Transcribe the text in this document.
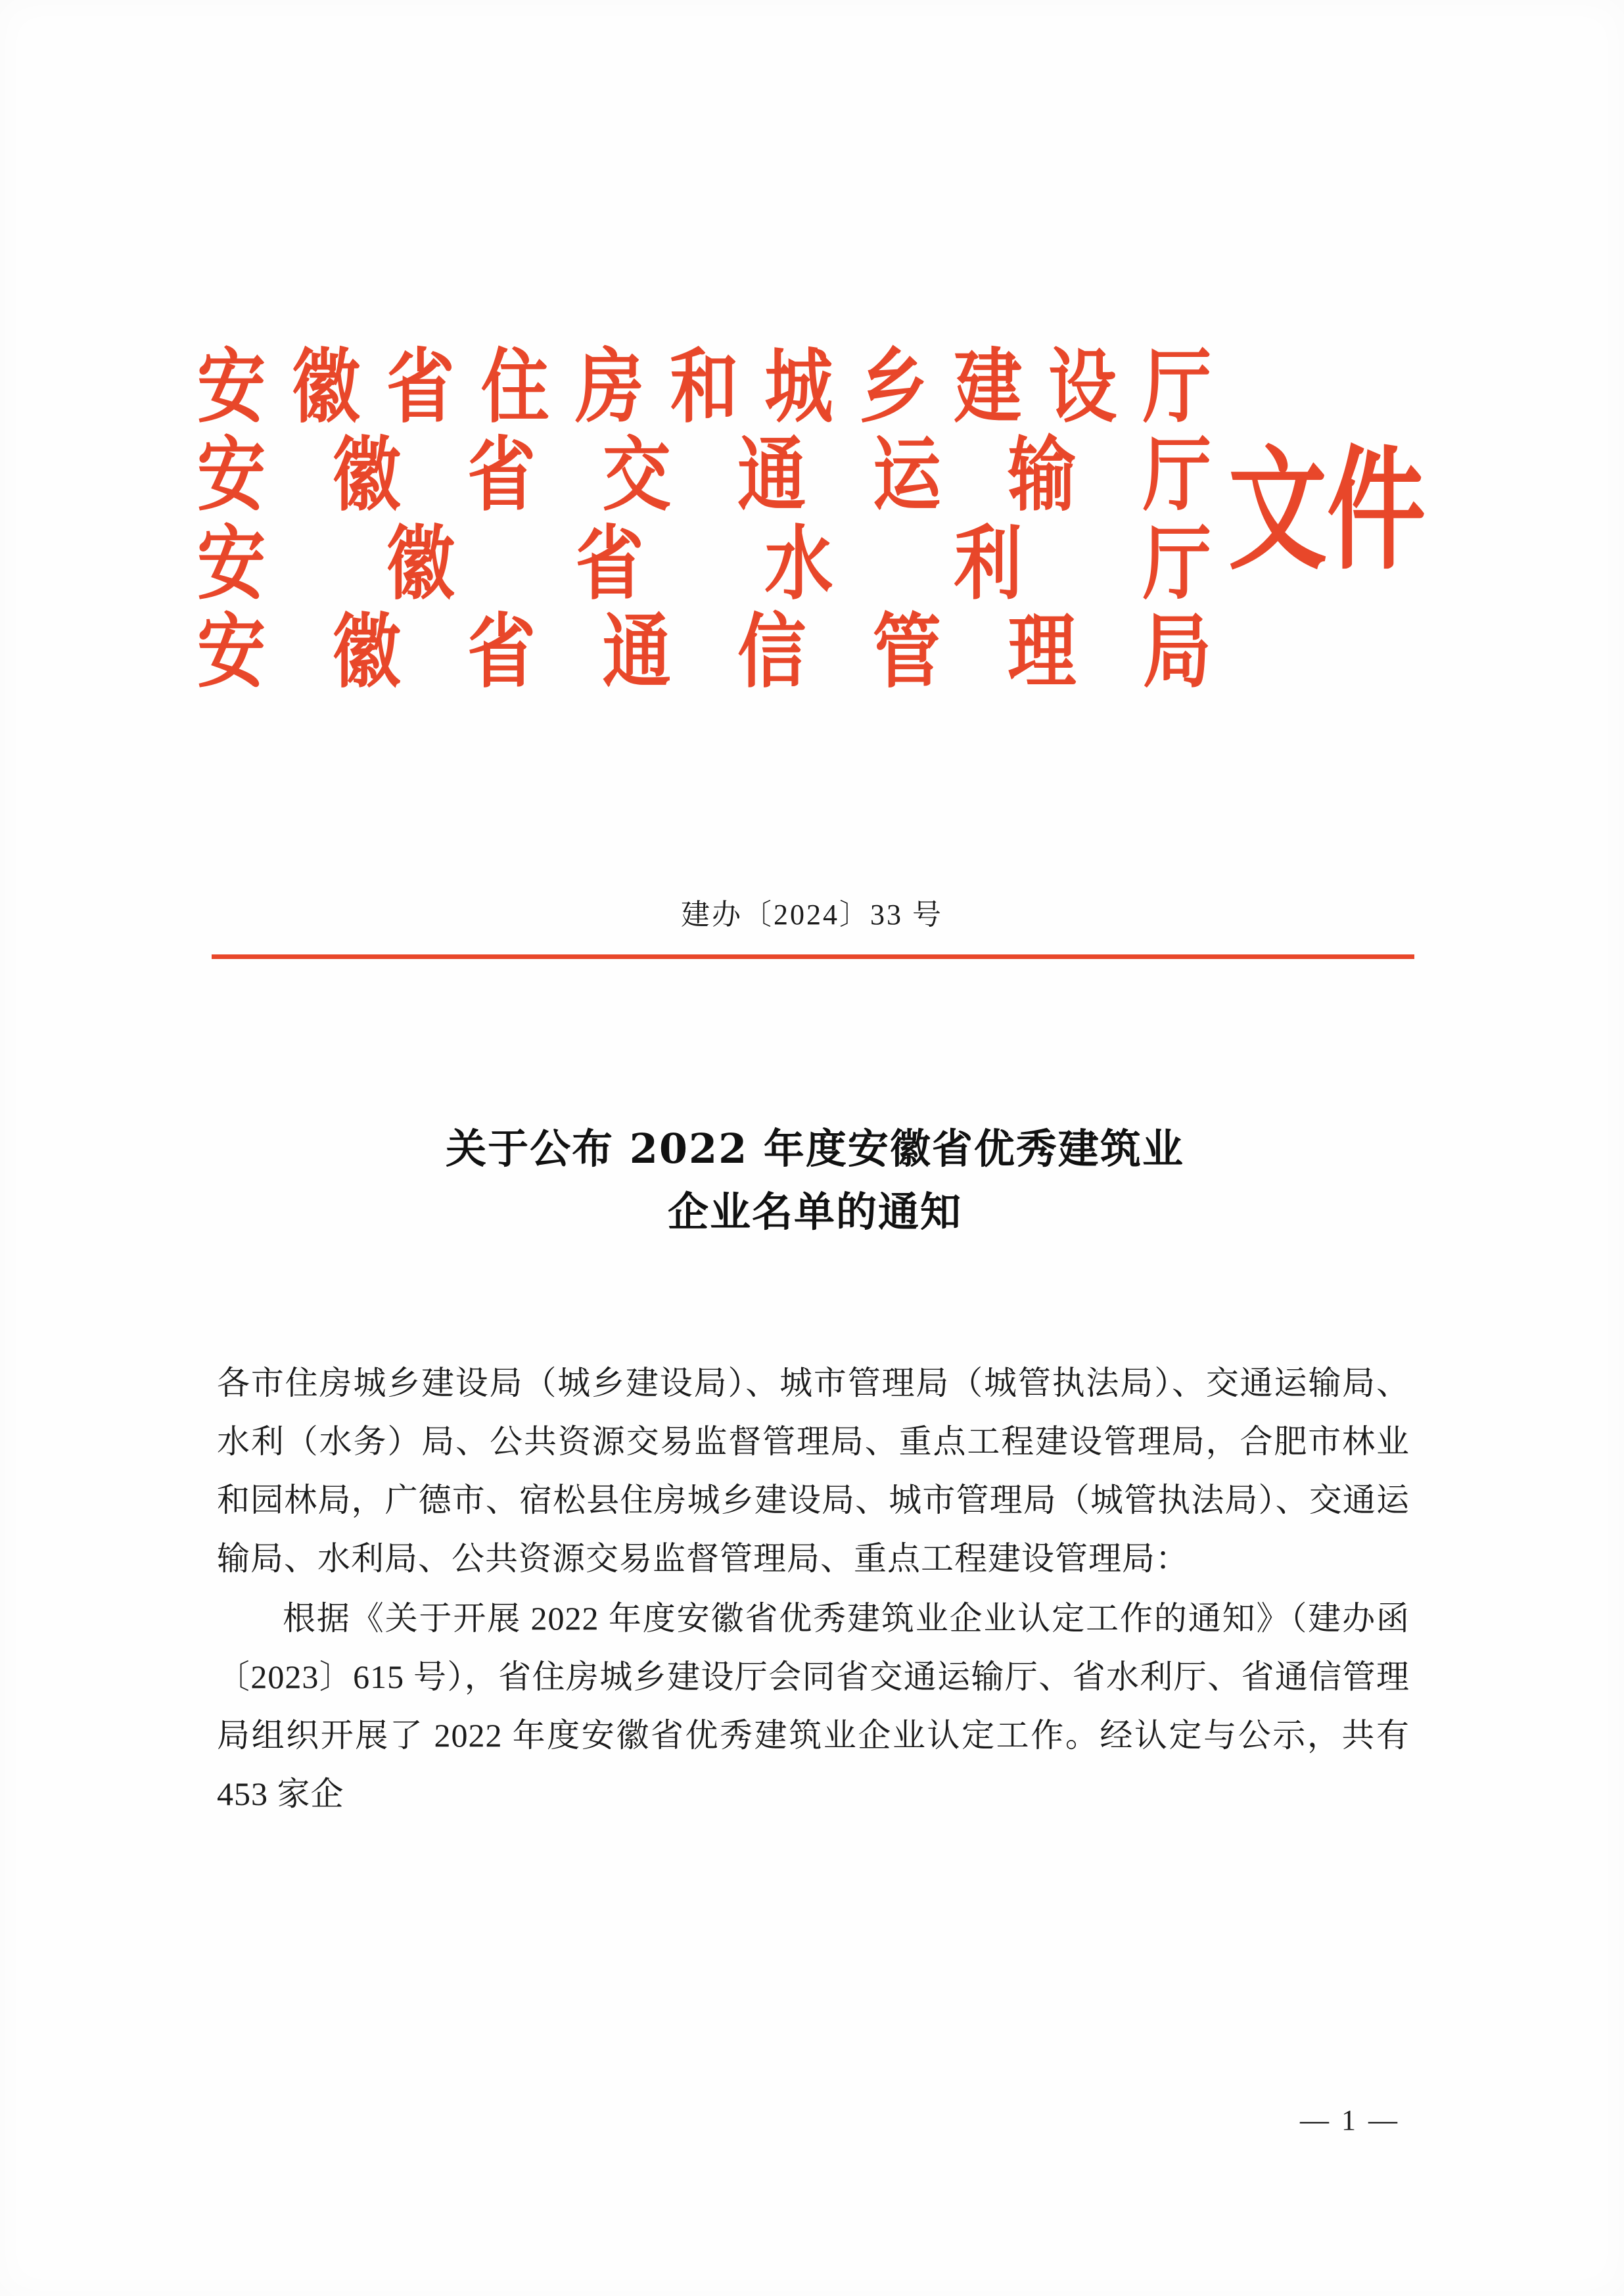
安徽省住房和城乡建设厅
安徽省交通运输厅
安徽省水利厅
安徽省通信管理局
文件
建办〔2024〕33 号
关于公布 2022 年度安徽省优秀建筑业
企业名单的通知

各市住房城乡建设局（城乡建设局）、城市管理局（城管执法局）、交通运输局、水利（水务）局、公共资源交易监督管理局、重点工程建设管理局，合肥市林业和园林局，广德市、宿松县住房城乡建设局、城市管理局（城管执法局）、交通运输局、水利局、公共资源交易监督管理局、重点工程建设管理局：

根据《关于开展 2022 年度安徽省优秀建筑业企业认定工作的通知》（建办函〔2023〕615 号），省住房城乡建设厅会同省交通运输厅、省水利厅、省通信管理局组织开展了 2022 年度安徽省优秀建筑业企业认定工作。经认定与公示，共有 453 家企

— 1 —
